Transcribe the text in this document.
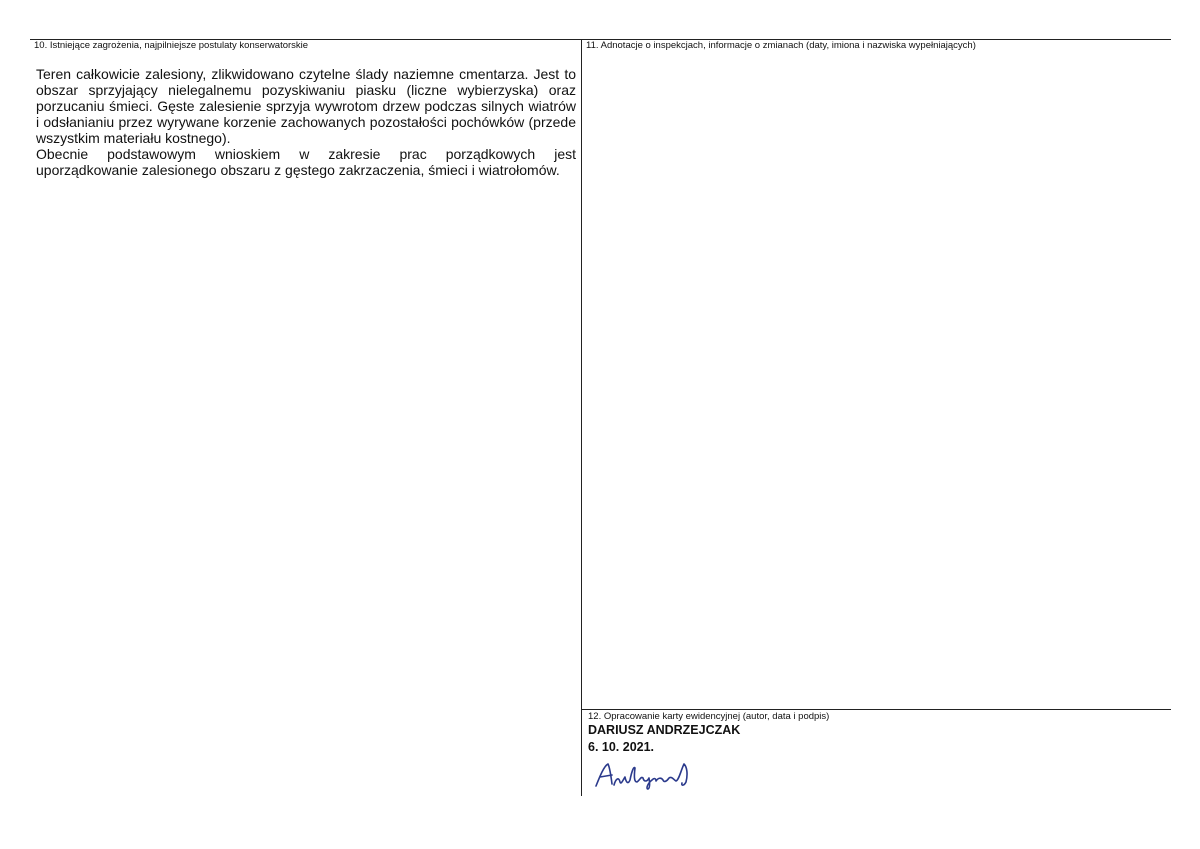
10. Istniejące zagrożenia, najpilniejsze postulaty konserwatorskie	11. Adnotacje o inspekcjach, informacje o zmianach (daty, imiona i nazwiska wypełniających)
12. Opracowanie karty ewidencyjnej (autor, data i podpis)

Teren całkowicie zalesiony, zlikwidowano czytelne ślady naziemne cmentarza. Jest to obszar sprzyjający nielegalnemu pozyskiwaniu piasku (liczne wybierzyska) oraz porzucaniu śmieci. Gęste zalesienie sprzyja wywrotom drzew podczas silnych wiatrów i odsłanianiu przez wyrywane korzenie zachowanych pozostałości pochówków (przede wszystkim materiału kostnego).

Obecnie podstawowym wnioskiem w zakresie prac porządkowych jest uporządkowanie zalesionego obszaru z gęstego zakrzaczenia, śmieci i wiatrołomów.

DARIUSZ ANDRZEJCZAK
6. 10. 2021.
